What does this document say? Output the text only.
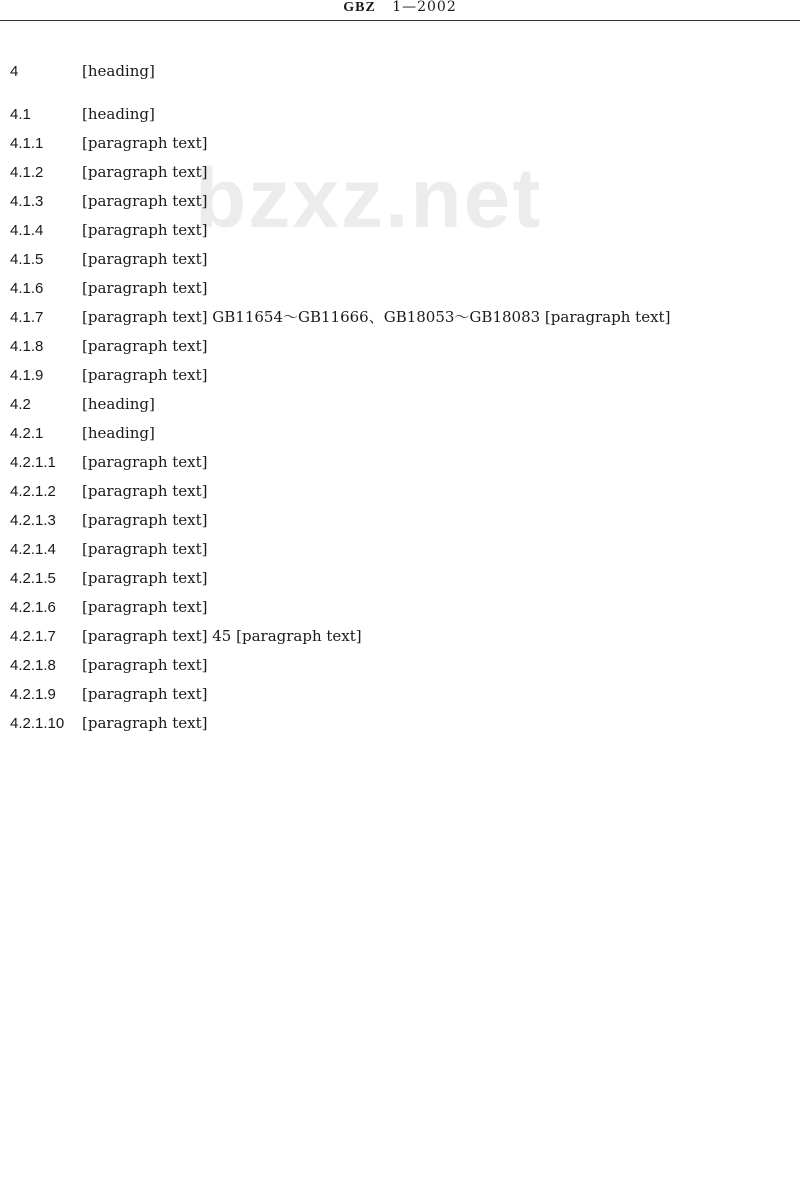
GBZ 1—2002
bzxz.net
4	[heading]
4.1	[heading]
4.1.1	[paragraph text]
4.1.2	[paragraph text]
4.1.3	[paragraph text]
4.1.4	[paragraph text]
4.1.5	[paragraph text]
4.1.6	[paragraph text]
4.1.7	[paragraph text] GB11654～GB11666、GB18053～GB18083 [paragraph text]
4.1.8	[paragraph text]
4.1.9	[paragraph text]
4.2	[heading]
4.2.1	[heading]
4.2.1.1 [paragraph text]
4.2.1.2 [paragraph text]
4.2.1.3 [paragraph text]
4.2.1.4 [paragraph text]
4.2.1.5 [paragraph text]
4.2.1.6 [paragraph text]
4.2.1.7 [paragraph text] 45 [paragraph text]
4.2.1.8 [paragraph text]
4.2.1.9 [paragraph text]
4.2.1.10 [paragraph text]
